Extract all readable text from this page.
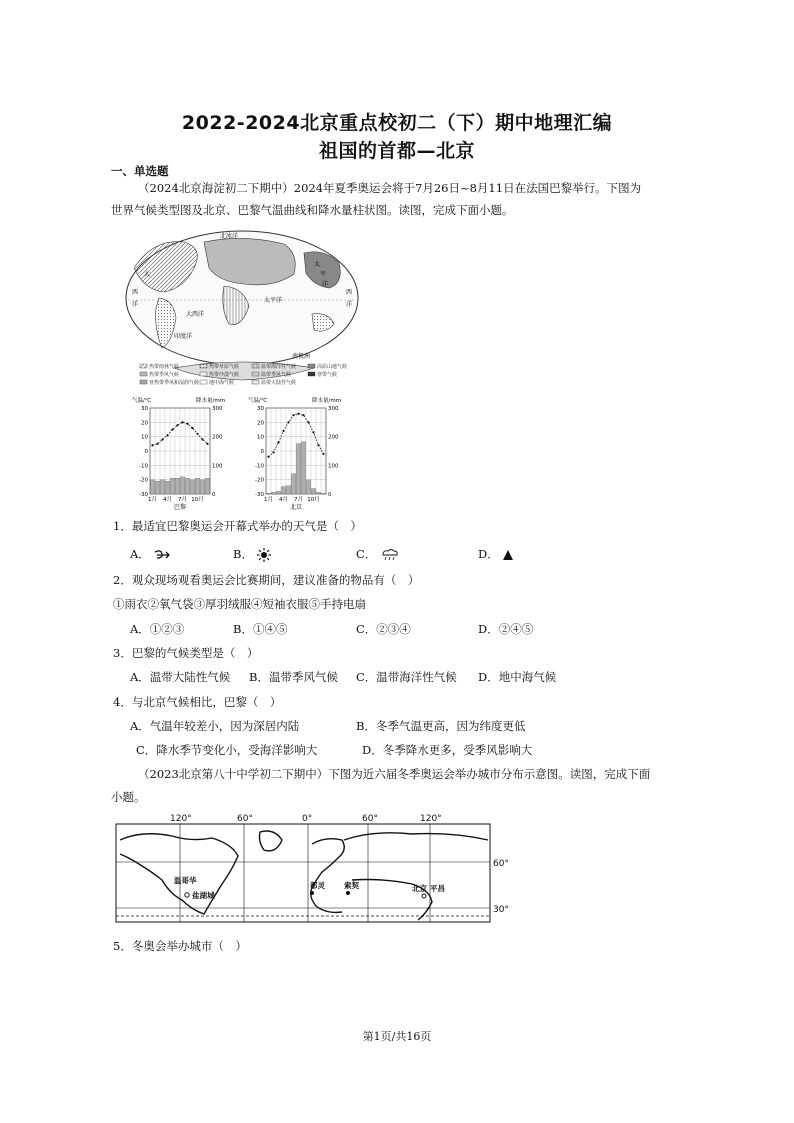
2022-2024北京重点校初二（下）期中地理汇编
祖国的首都—北京
一、单选题
（2024北京海淀初二下期中）2024年夏季奥运会将于7月26日~8月11日在法国巴黎举行。下图为
世界气候类型图及北京、巴黎气温曲线和降水量柱状图。读图，完成下面小题。
北冰洋
大
西
洋
太平洋
大西洋
印度洋
南极洲
太
平
洋
西
洋
热带雨林气候	热带草原气候	温带海洋性气候	高原山地气候
热带季风气候	热带沙漠气候	温带季风气候	寒带气候
亚热带季风和湿润气候 地中海气候	温带大陆性气候
气温/℃	降水量/mm
30
20
10
0
-10
-20
-30
300
200
100
0
1月 4月 7月 10月
巴黎
气温/℃	降水量/mm
30
20
10
0
-10
-20
-30
300
200
100
0
1月 4月 7月 10月
北京
1．最适宜巴黎奥运会开幕式举办的天气是（　）
A．	B．	C．	D．
2．观众现场观看奥运会比赛期间，建议准备的物品有（　）
①雨衣②氧气袋③厚羽绒服④短袖衣服⑤手持电扇
A．①②③	B．①④⑤	C．②③④	D．②④⑤
3．巴黎的气候类型是（　）
A．温带大陆性气候 B．温带季风气候 C．温带海洋性气候 D．地中海气候
4．与北京气候相比，巴黎（　）
A．气温年较差小，因为深居内陆	B．冬季气温更高，因为纬度更低
C．降水季节变化小，受海洋影响大	D．冬季降水更多，受季风影响大
（2023北京第八十中学初二下期中）下图为近六届冬季奥运会举办城市分布示意图。读图，完成下面
小题。
120°	60°	0°	60°	120°
60°
30°
温哥华
盐湖城
都灵	索契	北京 平昌
5．冬奥会举办城市（　）
第1页/共16页
